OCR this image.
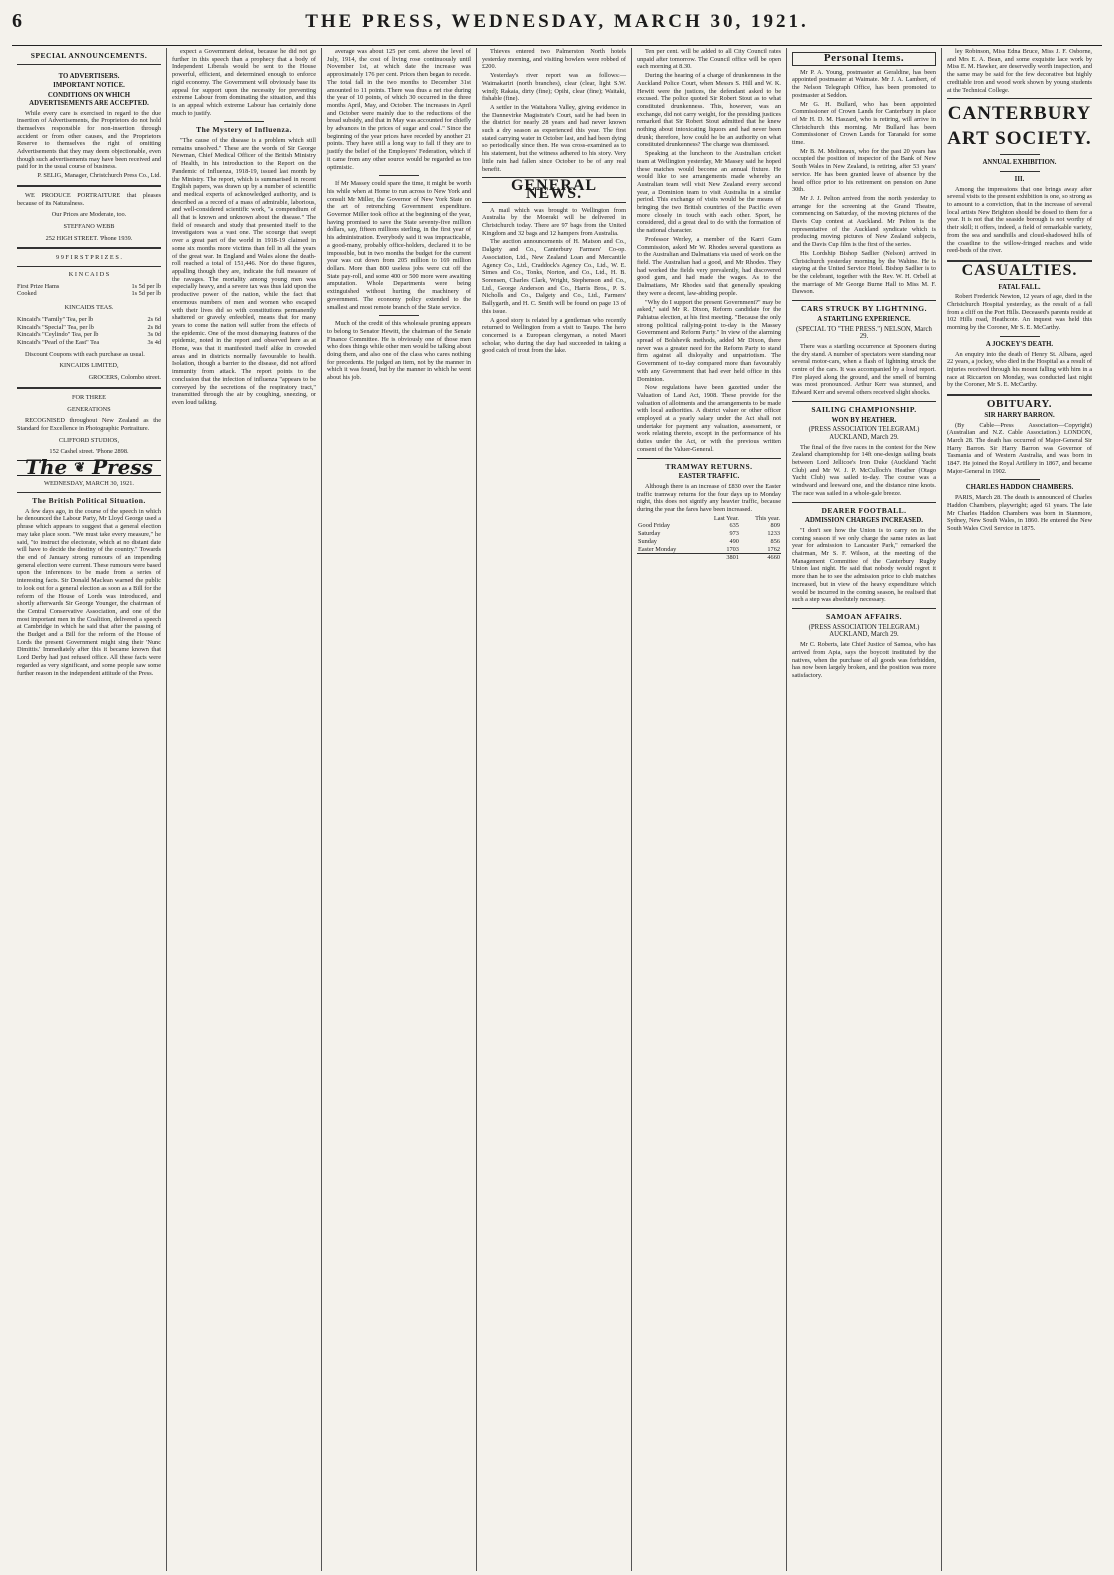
6	THE PRESS, WEDNESDAY, MARCH 30, 1921.
SPECIAL ANNOUNCEMENTS.
TO ADVERTISERS.
IMPORTANT NOTICE.
CONDITIONS ON WHICH ADVERTISEMENTS ARE ACCEPTED.

While every care is exercised in regard to the due insertion of Advertisements, the Proprietors do not hold themselves responsible for non-insertion through accident or from other causes, and the Proprietors Reserve to themselves the right of omitting Advertisements that they may deem objectionable, even though such advertisements may have been received and paid for in the usual course of business.

P. SELIG, Manager, Christchurch Press Co., Ltd.

WE PRODUCE PORTRAITURE that pleases because of its Naturalness.

Our Prices are Moderate, too.
STEFFANO WEBB
252 HIGH STREET. 'Phone 1939.
9 9 F I R S T P R I Z E S .
K I N C A I D S
First Prize Hams	1s 5d per lb
Cooked	1s 5d per lb
KINCAIDS TEAS.
Kincaid's "Family" Tea, per lb	2s 6d
Kincaid's "Special" Tea, per lb	2s 8d
Kincaid's "Ceylindo" Tea, per lb	3s 0d
Kincaid's "Pearl of the East" Tea	3s 4d

Discount Coupons with each purchase as usual.

KINCAIDS LIMITED,
GROCERS, Colombo street.
FOR THREE
GENERATIONS

RECOGNISED throughout New Zealand as the Standard for Excellence in Photographic Portraiture.

CLIFFORD STUDIOS,
152 Cashel street. 'Phone 2898.
The ❦ Press
WEDNESDAY, MARCH 30, 1921.
The British Political Situation.

A few days ago, in the course of the speech in which he denounced the Labour Party, Mr Lloyd George used a phrase which appears to suggest that a general election may take place soon. "We must take every measure," he said, "to instruct the electorate, which at no distant date will have to decide the destiny of the country." Towards the end of January strong rumours of an impending general election were current. These rumours were based upon the inferences to be made from a series of interesting facts. Sir Donald Maclean warned the public to look out for a general election as soon as a Bill for the reform of the House of Lords was introduced, and shortly afterwards Sir George Younger, the chairman of the Central Conservative Association, and one of the most important men in the Coalition, delivered a speech at Cambridge in which he said that after the passing of the Budget and a Bill for the reform of the House of Lords the present Government might sing their 'Nunc Dimittis.' Immediately after this it became known that Lord Derby had just refused office. All these facts were regarded as very significant, and some people saw some further reason in the independent attitude of the Press.

expect a Government defeat, because he did not go further in this speech than a prophecy that a body of Independent Liberals would be sent to the House powerful, efficient, and determined enough to enforce rigid economy. The Government will obviously base its appeal for support upon the necessity for preventing extreme Labour from dominating the situation, and this is an appeal which extreme Labour has certainly done much to justify.

The Mystery of Influenza.

"The cause of the disease is a problem which still remains unsolved." These are the words of Sir George Newman, Chief Medical Officer of the British Ministry of Health, in his introduction to the Report on the Pandemic of Influenza, 1918-19, issued last month by the Ministry. The report, which is summarised in recent English papers, was drawn up by a number of scientific and medical experts of acknowledged authority, and is described as a record of a mass of admirable, laborious, and well-considered scientific work, "a compendium of all that is known and unknown about the disease." The field of research and study that presented itself to the investigators was a vast one. The scourge that swept over a great part of the world in 1918-19 claimed in some six months more victims than fell in all the years of the great war. In England and Wales alone the death-roll reached a total of 151,446. Nor do these figures, appalling though they are, indicate the full measure of the ravages. The mortality among young men was especially heavy, and a severe tax was thus laid upon the productive power of the nation, while the fact that enormous numbers of men and women who escaped with their lives did so with constitutions permanently shattered or gravely enfeebled, means that for many years to come the nation will suffer from the effects of the epidemic. One of the most dismaying features of the epidemic, noted in the report and observed here as at Home, was that it manifested itself alike in crowded areas and in districts normally favourable to health. Isolation, though a barrier to the disease, did not afford immunity from attack. The report points to the conclusion that the infection of influenza "appears to be conveyed by the secretions of the respiratory tract," transmitted through the air by coughing, sneezing, or even loud talking.

average was about 125 per cent. above the level of July, 1914, the cost of living rose continuously until November 1st, at which date the increase was approximately 176 per cent. Prices then began to recede. The total fall in the two months to December 31st amounted to 11 points. There was thus a net rise during the year of 10 points, of which 30 occurred in the three months April, May, and October. The increases in April and October were mainly due to the reductions of the bread subsidy, and that in May was accounted for chiefly by advances in the prices of sugar and coal." Since the beginning of the year prices have receded by another 21 points. They have still a long way to fall if they are to justify the belief of the Employers' Federation, which if it came from any other source would be regarded as too optimistic.

If Mr Massey could spare the time, it might be worth his while when at Home to run across to New York and consult Mr Miller, the Governor of New York State on the art of retrenching Government expenditure. Governor Miller took office at the beginning of the year, having promised to save the State seventy-five million dollars, say, fifteen millions sterling, in the first year of his administration. Everybody said it was impracticable, a good-many, probably office-holders, declared it to be impossible, but in two months the budget for the current year was cut down from 205 million to 169 million dollars. More than 800 useless jobs were cut off the State pay-roll, and some 400 or 500 more were awaiting amputation. Whole Departments were being extinguished without hurting the machinery of government. The economy policy extended to the smallest and most remote branch of the State service.

Much of the credit of this wholesale pruning appears to belong to Senator Hewitt, the chairman of the Senate Finance Committee. He is obviously one of those men who does things while other men would be talking about doing them, and also one of the class who cares nothing for precedents. He judged an item, not by the manner in which it was found, but by the manner in which he went about his job.

Thieves entered two Palmerston North hotels yesterday morning, and visiting bowlers were robbed of £200.

Yesterday's river report was as follows:—Waimakariri (north branches), clear (clear, light S.W. wind); Rakaia, dirty (fine); Opihi, clear (fine); Waitaki, fishable (fine).

A settler in the Waitahora Valley, giving evidence in the Dannevirke Magistrate's Court, said he had been in the district for nearly 28 years and had never known such a dry season as experienced this year. The first stated carrying water in October last, and had been dying so periodically since then. He was cross-examined as to his statement, but the witness adhered to his story. Very little rain had fallen since October to be of any real benefit.

GENERAL NEWS.

A mail which was brought to Wellington from Australia by the Moeraki will be delivered in Christchurch today. There are 97 bags from the United Kingdom and 32 bags and 12 hampers from Australia.

The auction announcements of H. Matson and Co., Dalgety and Co., Canterbury Farmers' Co-op. Association, Ltd., New Zealand Loan and Mercantile Agency Co., Ltd., Craddock's Agency Co., Ltd., W. E. Simes and Co., Tonks, Norton, and Co., Ltd., H. B. Sorensen, Charles Clark, Wright, Stephenson and Co., Ltd., George Anderson and Co., Harris Bros., P. S. Nicholls and Co., Dalgety and Co., Ltd., Farmers' Ballygarth, and H. C. Smith will be found on page 13 of this issue.

A good story is related by a gentleman who recently returned to Wellington from a visit to Taupo. The hero concerned is a European clergyman, a noted Maori scholar, who during the day had succeeded in taking a good catch of trout from the lake.

Ten per cent. will be added to all City Council rates unpaid after tomorrow. The Council office will be open each morning at 8.30.

During the hearing of a charge of drunkenness in the Auckland Police Court, when Messrs S. Hill and W. K. Hewitt were the justices, the defendant asked to be excused. The police quoted Sir Robert Stout as to what constituted drunkenness. This, however, was an exchange, did not carry weight, for the presiding justices remarked that Sir Robert Stout admitted that he knew nothing about intoxicating liquors and had never been drunk; therefore, how could he be an authority on what constituted drunkenness? The charge was dismissed.

Speaking at the luncheon to the Australian cricket team at Wellington yesterday, Mr Massey said he hoped these matches would become an annual fixture. He would like to see arrangements made whereby an Australian team will visit New Zealand every second year, a Dominion team to visit Australia in a similar period. This exchange of visits would be the means of bringing the two British countries of the Pacific even more closely in touch with each other. Sport, he considered, did a great deal to do with the formation of the national character.

Professor Werley, a member of the Karri Gum Commission, asked Mr W. Rhodes several questions as to the Australian and Dalmatians via used of work on the field. The Australian had a good, and Mr Rhodes. They had worked the fields very prevalently, had discovered good gum, and had made the wages. As to the Dalmatians, Mr Rhodes said that generally speaking they were a decent, law-abiding people.

"Why do I support the present Government?" may be asked," said Mr R. Dixon, Reform candidate for the Pahiatua election, at his first meeting. "Because the only strong political rallying-point to-day is the Massey Government and Reform Party." In view of the alarming spread of Bolshevik methods, added Mr Dixon, there never was a greater need for the Reform Party to stand firm against all disloyalty and unpatriotism. The Government of to-day compared more than favourably with any Government that had ever held office in this Dominion.

Now regulations have been gazetted under the Valuation of Land Act, 1908. These provide for the valuation of allotments and the arrangements to be made with local authorities. A district valuer or other officer employed at a yearly salary under the Act shall not undertake for payment any valuation, assessment, or work relating thereto, except in the performance of his duties under the Act, or with the previous written consent of the Valuer-General.

TRAMWAY RETURNS.
EASTER TRAFFIC.

Although there is an increase of £830 over the Easter traffic tramway returns for the four days up to Monday night, this does not signify any heavier traffic, because during the year the fares have been increased.

	Last Year.	This year.
Good Friday	635	809
Saturday	973	1233
Sunday	490	856
Easter Monday	1703	1762
	3801	4660
Personal Items.

Mr P. A. Young, postmaster at Geraldine, has been appointed postmaster at Waimate. Mr J. A. Lambert, of the Nelson Telegraph Office, has been promoted to postmaster at Seddon.

Mr G. H. Bullard, who has been appointed Commissioner of Crown Lands for Canterbury in place of Mr H. D. M. Haszard, who is retiring, will arrive in Christchurch this morning. Mr Bullard has been Commissioner of Crown Lands for Taranaki for some time.

Mr B. M. Molineaux, who for the past 20 years has occupied the position of inspector of the Bank of New South Wales in New Zealand, is retiring, after 53 years' service. He has been granted leave of absence by the head office prior to his retirement on pension on June 30th.

Mr J. J. Pelton arrived from the north yesterday to arrange for the screening at the Grand Theatre, commencing on Saturday, of the moving pictures of the Davis Cup contest at Auckland. Mr Pelton is the representative of the Auckland syndicate which is producing moving pictures of New Zealand subjects, and the Davis Cup film is the first of the series.

His Lordship Bishop Sadlier (Nelson) arrived in Christchurch yesterday morning by the Wahine. He is staying at the United Service Hotel. Bishop Sadlier is to be the celebrant, together with the Rev. W. H. Orbell at the marriage of Mr George Burne Hall to Miss M. F. Dawson.

CARS STRUCK BY LIGHTNING.
A STARTLING EXPERIENCE.
(SPECIAL TO "THE PRESS.") NELSON, March 29.

There was a startling occurrence at Spooners during the dry stand. A number of spectators were standing near several motor-cars, when a flash of lightning struck the centre of the cars. It was accompanied by a loud report. Fire played along the ground, and the smell of burning was most pronounced. Arthur Kerr was stunned, and Edward Kerr and several others received slight shocks.

SAILING CHAMPIONSHIP.
WON BY HEATHER.
(PRESS ASSOCIATION TELEGRAM.) AUCKLAND, March 29.

The final of the five races in the contest for the New Zealand championship for 14ft one-design sailing boats between Lord Jellicoe's Iron Duke (Auckland Yacht Club) and Mr W. J. P. McCulloch's Heather (Otago Yacht Club) was sailed to-day. The course was a windward and leeward one, and the distance nine knots. The race was sailed in a whole-gale breeze.

DEARER FOOTBALL.
ADMISSION CHARGES INCREASED.

"I don't see how the Union is to carry on in the coming season if we only charge the same rates as last year for admission to Lancaster Park," remarked the chairman, Mr S. F. Wilson, at the meeting of the Management Committee of the Canterbury Rugby Union last night. He said that nobody would regret it more than he to see the admission price to club matches increased, but in view of the heavy expenditure which would be incurred in the coming season, he realised that such a step was absolutely necessary.

SAMOAN AFFAIRS.
(PRESS ASSOCIATION TELEGRAM.) AUCKLAND, March 29.

Mr C. Roberts, late Chief Justice of Samoa, who has arrived from Apia, says the boycott instituted by the natives, when the purchase of all goods was forbidden, has now been largely broken, and the position was more satisfactory.

ley Robinson, Miss Edna Bruce, Miss J. F. Osborne, and Mrs E. A. Bean, and some exquisite lace work by Miss E. M. Hawker, are deservedly worth inspection, and the same may be said for the few decorative but highly creditable iron and wood work shown by young students at the Technical College.

CANTERBURY
ART SOCIETY.
ANNUAL EXHIBITION.
III.

Among the impressions that one brings away after several visits to the present exhibition is one, so strong as to amount to a conviction, that in the increase of several local artists New Brighton should be dosed to them for a year. It is not that the seaside borough is not worthy of their skill; it offers, indeed, a field of remarkable variety, from the sea and sandhills and cloud-shadowed hills of the coastline to the willow-fringed reaches and wide reed-beds of the river.

CASUALTIES.
FATAL FALL.

Robert Frederick Newton, 12 years of age, died in the Christchurch Hospital yesterday, as the result of a fall from a cliff on the Port Hills. Deceased's parents reside at 102 Hills road, Heathcote. An inquest was held this morning by the Coroner, Mr S. E. McCarthy.

A JOCKEY'S DEATH.

An enquiry into the death of Henry St. Albans, aged 22 years, a jockey, who died in the Hospital as a result of injuries received through his mount falling with him in a race at Riccarton on Monday, was conducted last night by the Coroner, Mr S. E. McCarthy.

OBITUARY.
SIR HARRY BARRON.

(By Cable—Press Association—Copyright) (Australian and N.Z. Cable Association.) LONDON, March 28. The death has occurred of Major-General Sir Harry Barron. Sir Harry Barron was Governor of Tasmania and of Western Australia, and was born in 1847. He joined the Royal Artillery in 1867, and became Major-General in 1902.

CHARLES HADDON CHAMBERS.

PARIS, March 28. The death is announced of Charles Haddon Chambers, playwright; aged 61 years. The late Mr Charles Haddon Chambers was born in Stanmore, Sydney, New South Wales, in 1860. He entered the New South Wales Civil Service in 1875.
